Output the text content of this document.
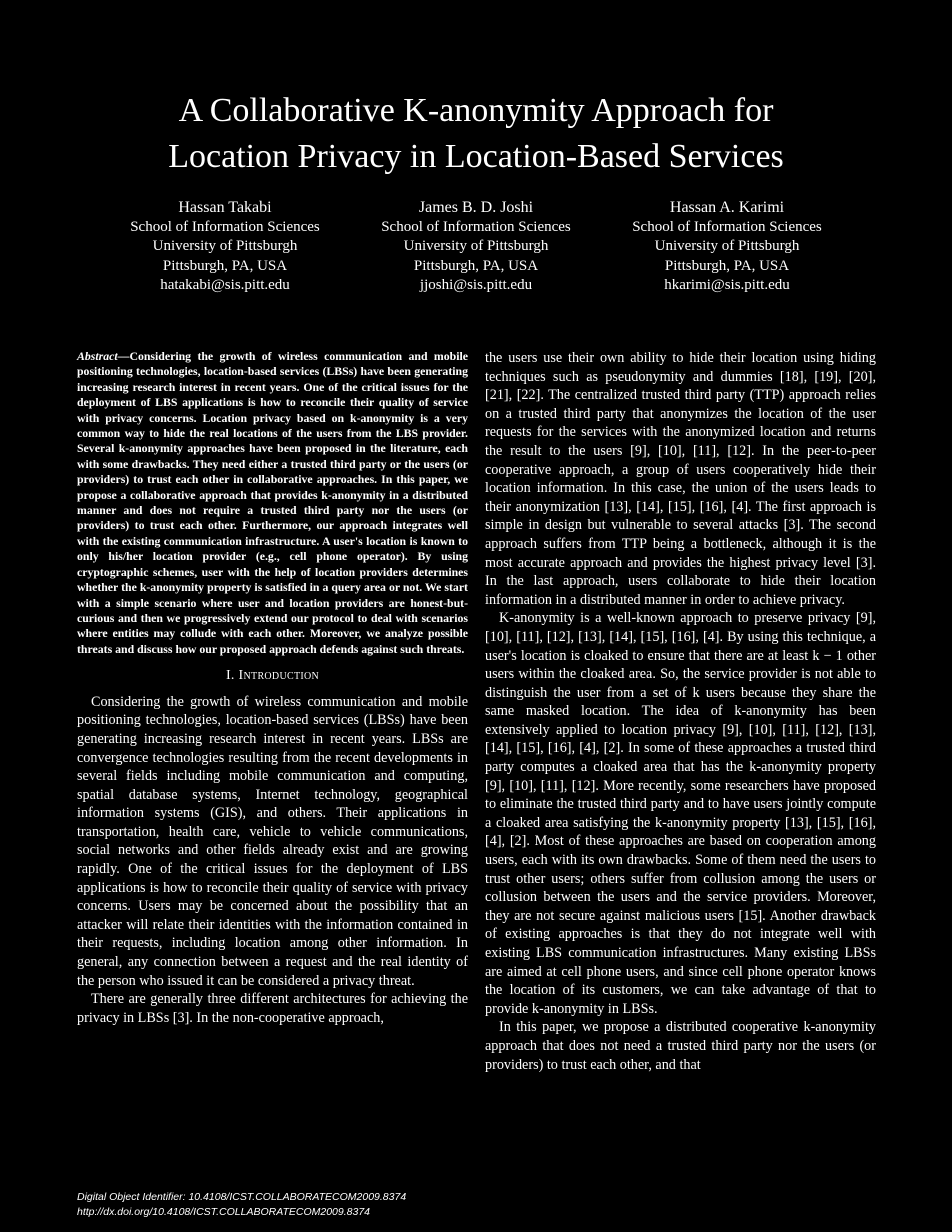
A Collaborative K-anonymity Approach for
Location Privacy in Location-Based Services
Hassan Takabi
School of Information Sciences
University of Pittsburgh
Pittsburgh, PA, USA
hatakabi@sis.pitt.edu
James B. D. Joshi
School of Information Sciences
University of Pittsburgh
Pittsburgh, PA, USA
jjoshi@sis.pitt.edu
Hassan A. Karimi
School of Information Sciences
University of Pittsburgh
Pittsburgh, PA, USA
hkarimi@sis.pitt.edu

Abstract—Considering the growth of wireless communication and mobile positioning technologies, location-based services (LBSs) have been generating increasing research interest in recent years. One of the critical issues for the deployment of LBS applications is how to reconcile their quality of service with privacy concerns. Location privacy based on k-anonymity is a very common way to hide the real locations of the users from the LBS provider. Several k-anonymity approaches have been proposed in the literature, each with some drawbacks. They need either a trusted third party or the users (or providers) to trust each other in collaborative approaches. In this paper, we propose a collaborative approach that provides k-anonymity in a distributed manner and does not require a trusted third party nor the users (or providers) to trust each other. Furthermore, our approach integrates well with the existing communication infrastructure. A user's location is known to only his/her location provider (e.g., cell phone operator). By using cryptographic schemes, user with the help of location providers determines whether the k-anonymity property is satisfied in a query area or not. We start with a simple scenario where user and location providers are honest-but-curious and then we progressively extend our protocol to deal with scenarios where entities may collude with each other. Moreover, we analyze possible threats and discuss how our proposed approach defends against such threats.

I. Introduction

Considering the growth of wireless communication and mobile positioning technologies, location-based services (LBSs) have been generating increasing research interest in recent years. LBSs are convergence technologies resulting from the recent developments in several fields including mobile communication and computing, spatial database systems, Internet technology, geographical information systems (GIS), and others. Their applications in transportation, health care, vehicle to vehicle communications, social networks and other fields already exist and are growing rapidly. One of the critical issues for the deployment of LBS applications is how to reconcile their quality of service with privacy concerns. Users may be concerned about the possibility that an attacker will relate their identities with the information contained in their requests, including location among other information. In general, any connection between a request and the real identity of the person who issued it can be considered a privacy threat.

There are generally three different architectures for achieving the privacy in LBSs [3]. In the non-cooperative approach,

the users use their own ability to hide their location using hiding techniques such as pseudonymity and dummies [18], [19], [20], [21], [22]. The centralized trusted third party (TTP) approach relies on a trusted third party that anonymizes the location of the user requests for the services with the anonymized location and returns the result to the users [9], [10], [11], [12]. In the peer-to-peer cooperative approach, a group of users cooperatively hide their location information. In this case, the union of the users leads to their anonymization [13], [14], [15], [16], [4]. The first approach is simple in design but vulnerable to several attacks [3]. The second approach suffers from TTP being a bottleneck, although it is the most accurate approach and provides the highest privacy level [3]. In the last approach, users collaborate to hide their location information in a distributed manner in order to achieve privacy.

K-anonymity is a well-known approach to preserve privacy [9], [10], [11], [12], [13], [14], [15], [16], [4]. By using this technique, a user's location is cloaked to ensure that there are at least k − 1 other users within the cloaked area. So, the service provider is not able to distinguish the user from a set of k users because they share the same masked location. The idea of k-anonymity has been extensively applied to location privacy [9], [10], [11], [12], [13], [14], [15], [16], [4], [2]. In some of these approaches a trusted third party computes a cloaked area that has the k-anonymity property [9], [10], [11], [12]. More recently, some researchers have proposed to eliminate the trusted third party and to have users jointly compute a cloaked area satisfying the k-anonymity property [13], [15], [16], [4], [2]. Most of these approaches are based on cooperation among users, each with its own drawbacks. Some of them need the users to trust other users; others suffer from collusion among the users or collusion between the users and the service providers. Moreover, they are not secure against malicious users [15]. Another drawback of existing approaches is that they do not integrate well with existing LBS communication infrastructures. Many existing LBSs are aimed at cell phone users, and since cell phone operator knows the location of its customers, we can take advantage of that to provide k-anonymity in LBSs.

In this paper, we propose a distributed cooperative k-anonymity approach that does not need a trusted third party nor the users (or providers) to trust each other, and that

Digital Object Identifier: 10.4108/ICST.COLLABORATECOM2009.8374
http://dx.doi.org/10.4108/ICST.COLLABORATECOM2009.8374
